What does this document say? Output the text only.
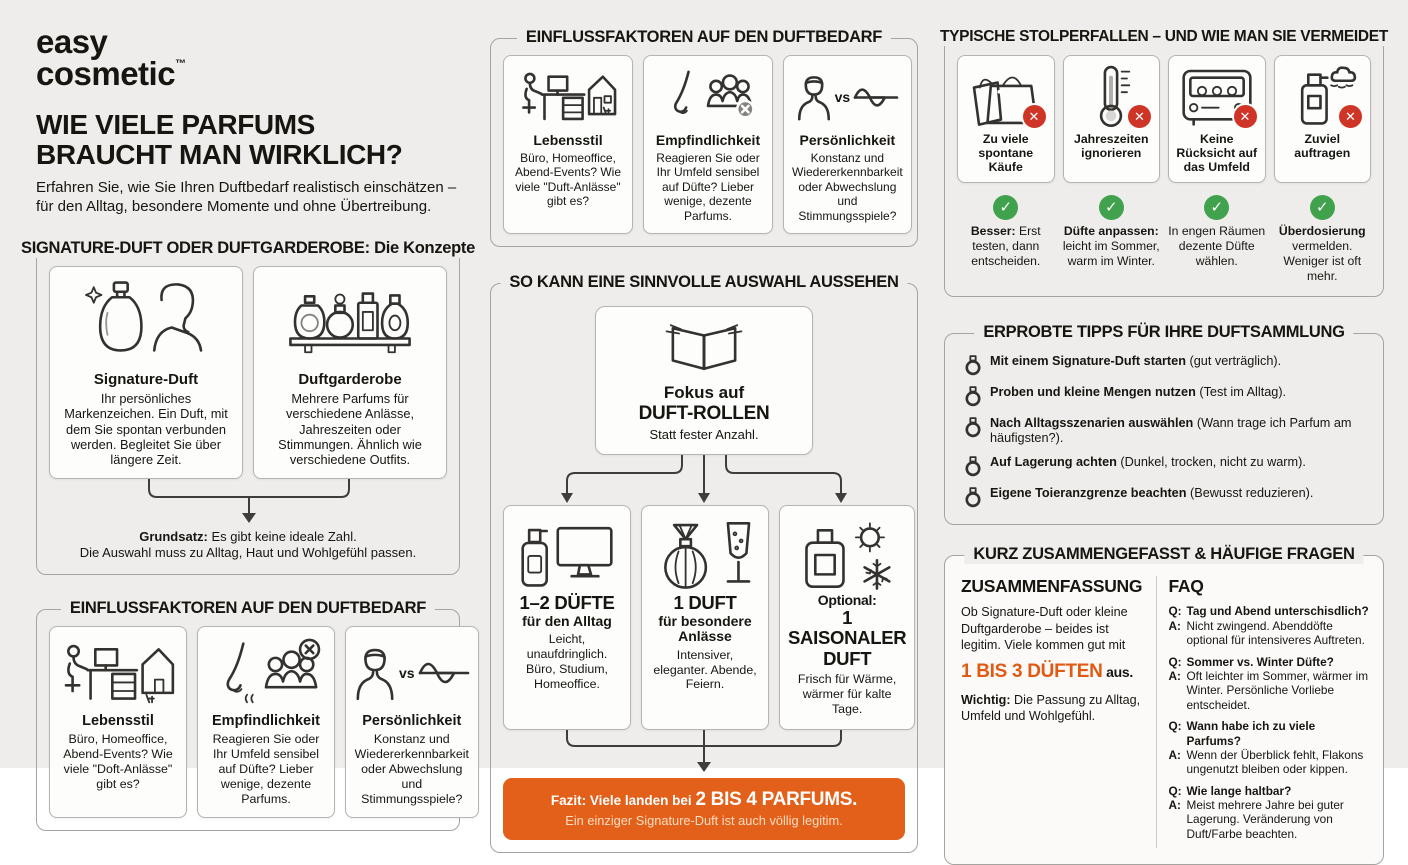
easy
cosmetic™
WIE VIELE PARFUMS
BRAUCHT MAN WIRKLICH?
Erfahren Sie, wie Sie Ihren Duftbedarf realistisch einschätzen – für den Alltag, besondere Momente und ohne Übertreibung.
SIGNATURE-DUFT ODER DUFTGARDEROBE: Die Konzepte
Signature-Duft
Ihr persönliches Markenzeichen. Ein Duft, mit dem Sie spontan verbunden werden. Begleitet Sie über längere Zeit.
Duftgarderobe
Mehrere Parfums für verschiedene Anlässe, Jahreszeiten oder Stimmungen. Ähnlich wie verschiedene Outfits.
Grundsatz: Es gibt keine ideale Zahl.
Die Auswahl muss zu Alltag, Haut und Wohlgefühl passen.
EINFLUSSFAKTOREN AUF DEN DUFTBEDARF
Lebensstil
Büro, Homeoffice, Abend-Events? Wie viele "Doft-Anlässe" gibt es?
Empfindlichkeit
Reagieren Sie oder Ihr Umfeld sensibel auf Düfte? Lieber wenige, dezente Parfums.
vs
Persönlichkeit
Konstanz und Wiedererkennbarkeit oder Abwechslung und Stimmungsspiele?
EINFLUSSFAKTOREN AUF DEN DUFTBEDARF
Lebensstil
Büro, Homeoffice, Abend-Events? Wie viele "Duft-Anlässe" gibt es?
Empfindlichkeit
Reagieren Sie oder Ihr Umfeld sensibel auf Düfte? Lieber wenige, dezente Parfums.
vs
Persönlichkeit
Konstanz und Wiedererkennbarkeit oder Abwechslung und Stimmungsspiele?
SO KANN EINE SINNVOLLE AUSWAHL AUSSEHEN
Fokus auf
DUFT-ROLLEN
Statt fester Anzahl.
1–2 DÜFTE
für den Alltag
Leicht, unaufdringlich. Büro, Studium, Homeoffice.
1 DUFT
für besondere Anlässe
Intensiver, eleganter. Abende, Feiern.
Optional:
1 SAISONALER DUFT
Frisch für Wärme, wärmer für kalte Tage.
Fazit: Viele landen bei 2 BIS 4 PARFUMS.
Ein einziger Signature-Duft ist auch völlig legitim.
TYPISCHE STOLPERFALLEN – UND WIE MAN SIE VERMEIDET
✕
Zu viele spontane Käufe
✕
Jahreszeiten ignorieren
✕
Keine Rücksicht auf das Umfeld
✕
Zuviel auftragen
✓
Besser: Erst testen, dann entscheiden.
✓
Düfte anpassen: leicht im Sommer, warm im Winter.
✓
In engen Räumen dezente Düfte wählen.
✓
Überdosierung vermelden. Weniger ist oft mehr.
ERPROBTE TIPPS FÜR IHRE DUFTSAMMLUNG
Mit einem Signature-Duft starten (gut verträglich).
Proben und kleine Mengen nutzen (Test im Alltag).
Nach Alltagsszenarien auswählen (Wann trage ich Parfum am häufigsten?).
Auf Lagerung achten (Dunkel, trocken, nicht zu warm).
Eigene Toieranzgrenze beachten (Bewusst reduzieren).
KURZ ZUSAMMENGEFASST & HÄUFIGE FRAGEN
ZUSAMMENFASSUNG
Ob Signature-Duft oder kleine Duftgarderobe – beides ist legitim. Viele kommen gut mit
1 BIS 3 DÜFTEN aus.
Wichtig: Die Passung zu Alltag, Umfeld und Wohlgefühl.
FAQ
Q: Tag und Abend unterschisdlich?
A: Nicht zwingend. Abenddöfte optional für intensiveres Auftreten.
Q: Sommer vs. Winter Düfte?
A: Oft leichter im Sommer, wärmer im Winter. Persönliche Vorliebe entscheidet.
Q: Wann habe ich zu viele Parfums?
A: Wenn der Überblick fehlt, Flakons ungenutzt bleiben oder kippen.
Q: Wie lange haltbar?
A: Meist mehrere Jahre bei guter Lagerung. Veränderung von Duft/Farbe beachten.
